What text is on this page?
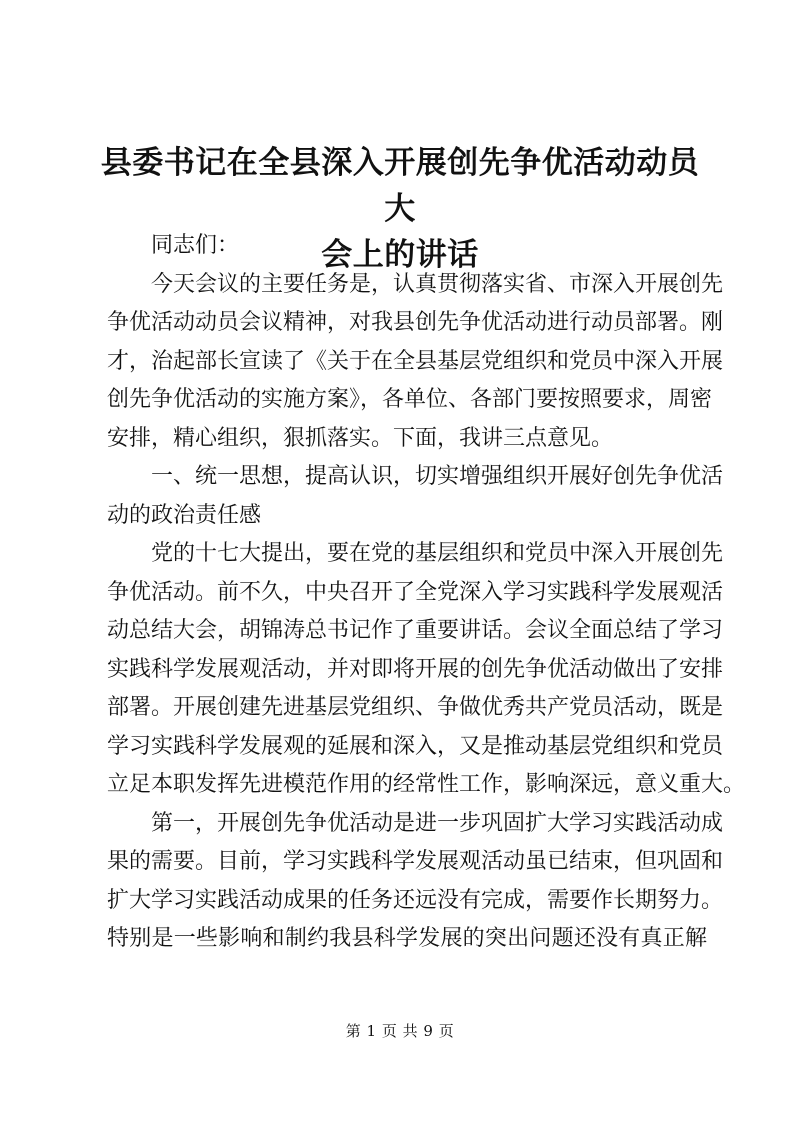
县委书记在全县深入开展创先争优活动动员大
会上的讲话
同志们：
今天会议的主要任务是，认真贯彻落实省、市深入开展创先
争优活动动员会议精神，对我县创先争优活动进行动员部署。刚
才，治起部长宣读了《关于在全县基层党组织和党员中深入开展
创先争优活动的实施方案》，各单位、各部门要按照要求，周密
安排，精心组织，狠抓落实。下面，我讲三点意见。
一、统一思想，提高认识，切实增强组织开展好创先争优活
动的政治责任感
党的十七大提出，要在党的基层组织和党员中深入开展创先
争优活动。前不久，中央召开了全党深入学习实践科学发展观活
动总结大会，胡锦涛总书记作了重要讲话。会议全面总结了学习
实践科学发展观活动，并对即将开展的创先争优活动做出了安排
部署。开展创建先进基层党组织、争做优秀共产党员活动，既是
学习实践科学发展观的延展和深入，又是推动基层党组织和党员
立足本职发挥先进模范作用的经常性工作，影响深远，意义重大。
第一，开展创先争优活动是进一步巩固扩大学习实践活动成
果的需要。目前，学习实践科学发展观活动虽已结束，但巩固和
扩大学习实践活动成果的任务还远没有完成，需要作长期努力。
特别是一些影响和制约我县科学发展的突出问题还没有真正解
第 1 页 共 9 页
